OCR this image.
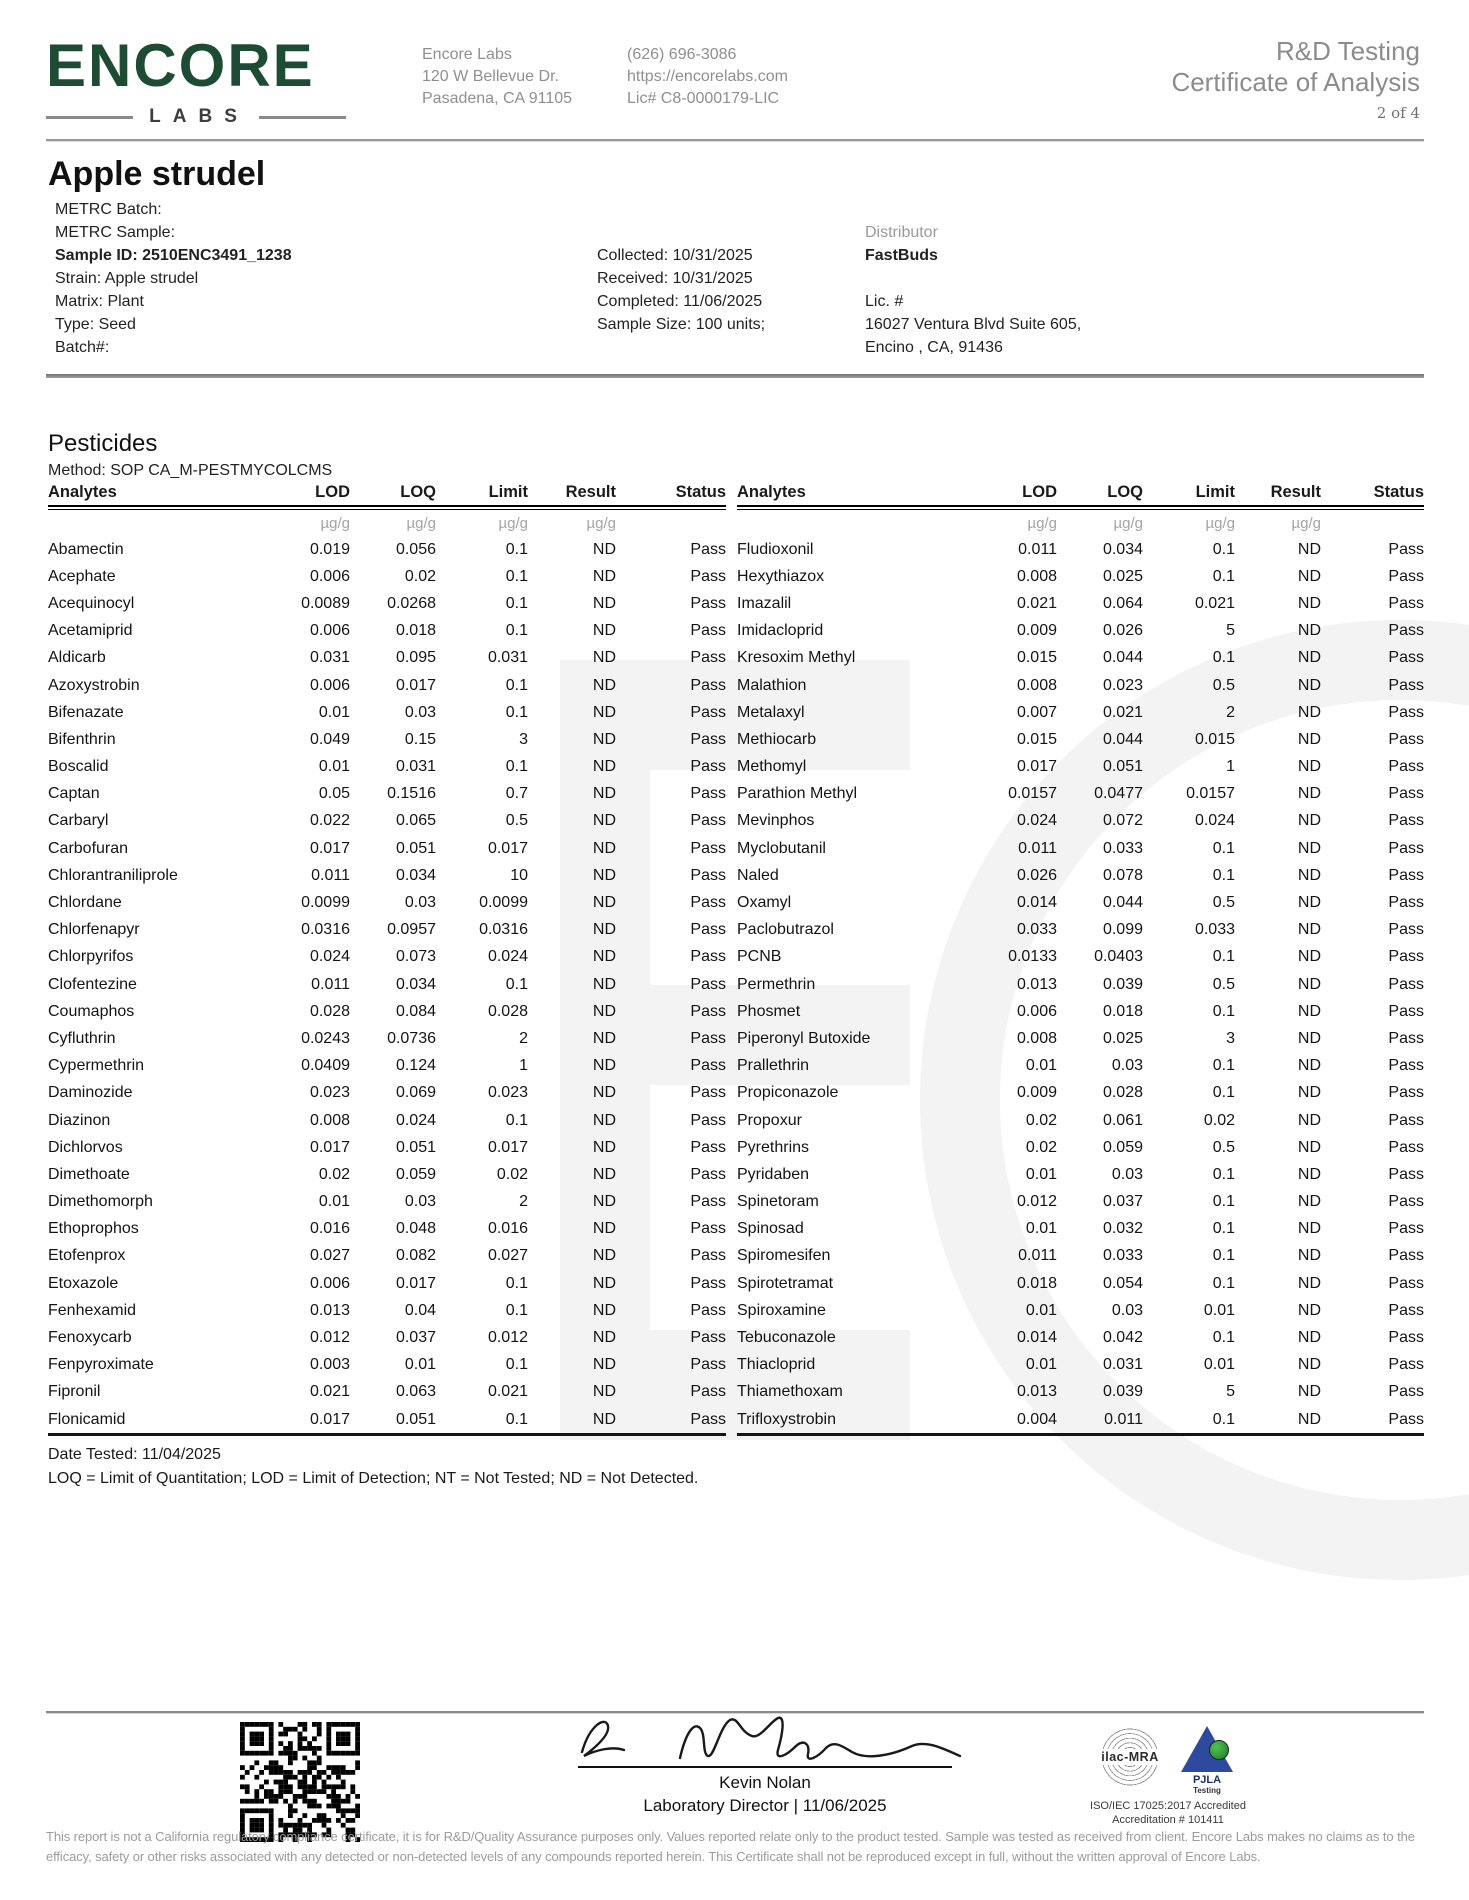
ENCORE
LABS
Encore Labs
120 W Bellevue Dr.
Pasadena, CA 91105
(626) 696-3086
https://encorelabs.com
Lic# C8-0000179-LIC
R&D Testing
Certificate of Analysis
2 of 4
Apple strudel
METRC Batch:
METRC Sample:
Sample ID: 2510ENC3491_1238
Strain: Apple strudel
Matrix: Plant
Type: Seed
Batch#:
Collected: 10/31/2025
Received: 10/31/2025
Completed: 11/06/2025
Sample Size: 100 units;
Distributor
FastBuds
Lic. #
16027 Ventura Blvd Suite 605,
Encino , CA, 91436
Pesticides
Method: SOP CA_M-PESTMYCOLCMS
Analytes	LOD	LOQ	Limit	Result	Status
µg/g	µg/g	µg/g	µg/g
Abamectin	0.019	0.056	0.1	ND	Pass
Acephate	0.006	0.02	0.1	ND	Pass
Acequinocyl	0.0089	0.0268	0.1	ND	Pass
Acetamiprid	0.006	0.018	0.1	ND	Pass
Aldicarb	0.031	0.095	0.031	ND	Pass
Azoxystrobin	0.006	0.017	0.1	ND	Pass
Bifenazate	0.01	0.03	0.1	ND	Pass
Bifenthrin	0.049	0.15	3	ND	Pass
Boscalid	0.01	0.031	0.1	ND	Pass
Captan	0.05	0.1516	0.7	ND	Pass
Carbaryl	0.022	0.065	0.5	ND	Pass
Carbofuran	0.017	0.051	0.017	ND	Pass
Chlorantraniliprole	0.011	0.034	10	ND	Pass
Chlordane	0.0099	0.03	0.0099	ND	Pass
Chlorfenapyr	0.0316	0.0957	0.0316	ND	Pass
Chlorpyrifos	0.024	0.073	0.024	ND	Pass
Clofentezine	0.011	0.034	0.1	ND	Pass
Coumaphos	0.028	0.084	0.028	ND	Pass
Cyfluthrin	0.0243	0.0736	2	ND	Pass
Cypermethrin	0.0409	0.124	1	ND	Pass
Daminozide	0.023	0.069	0.023	ND	Pass
Diazinon	0.008	0.024	0.1	ND	Pass
Dichlorvos	0.017	0.051	0.017	ND	Pass
Dimethoate	0.02	0.059	0.02	ND	Pass
Dimethomorph	0.01	0.03	2	ND	Pass
Ethoprophos	0.016	0.048	0.016	ND	Pass
Etofenprox	0.027	0.082	0.027	ND	Pass
Etoxazole	0.006	0.017	0.1	ND	Pass
Fenhexamid	0.013	0.04	0.1	ND	Pass
Fenoxycarb	0.012	0.037	0.012	ND	Pass
Fenpyroximate	0.003	0.01	0.1	ND	Pass
Fipronil	0.021	0.063	0.021	ND	Pass
Flonicamid	0.017	0.051	0.1	ND	Pass
Analytes	LOD	LOQ	Limit	Result	Status
µg/g	µg/g	µg/g	µg/g
Fludioxonil	0.011	0.034	0.1	ND	Pass
Hexythiazox	0.008	0.025	0.1	ND	Pass
Imazalil	0.021	0.064	0.021	ND	Pass
Imidacloprid	0.009	0.026	5	ND	Pass
Kresoxim Methyl	0.015	0.044	0.1	ND	Pass
Malathion	0.008	0.023	0.5	ND	Pass
Metalaxyl	0.007	0.021	2	ND	Pass
Methiocarb	0.015	0.044	0.015	ND	Pass
Methomyl	0.017	0.051	1	ND	Pass
Parathion Methyl	0.0157	0.0477	0.0157	ND	Pass
Mevinphos	0.024	0.072	0.024	ND	Pass
Myclobutanil	0.011	0.033	0.1	ND	Pass
Naled	0.026	0.078	0.1	ND	Pass
Oxamyl	0.014	0.044	0.5	ND	Pass
Paclobutrazol	0.033	0.099	0.033	ND	Pass
PCNB	0.0133	0.0403	0.1	ND	Pass
Permethrin	0.013	0.039	0.5	ND	Pass
Phosmet	0.006	0.018	0.1	ND	Pass
Piperonyl Butoxide	0.008	0.025	3	ND	Pass
Prallethrin	0.01	0.03	0.1	ND	Pass
Propiconazole	0.009	0.028	0.1	ND	Pass
Propoxur	0.02	0.061	0.02	ND	Pass
Pyrethrins	0.02	0.059	0.5	ND	Pass
Pyridaben	0.01	0.03	0.1	ND	Pass
Spinetoram	0.012	0.037	0.1	ND	Pass
Spinosad	0.01	0.032	0.1	ND	Pass
Spiromesifen	0.011	0.033	0.1	ND	Pass
Spirotetramat	0.018	0.054	0.1	ND	Pass
Spiroxamine	0.01	0.03	0.01	ND	Pass
Tebuconazole	0.014	0.042	0.1	ND	Pass
Thiacloprid	0.01	0.031	0.01	ND	Pass
Thiamethoxam	0.013	0.039	5	ND	Pass
Trifloxystrobin	0.004	0.011	0.1	ND	Pass
Date Tested: 11/04/2025
LOQ = Limit of Quantitation; LOD = Limit of Detection; NT = Not Tested; ND = Not Detected.
Kevin Nolan
Laboratory Director | 11/06/2025
ilac-MRA
PJLA
Testing
ISO/IEC 17025:2017 Accredited
Accreditation # 101411
This report is not a California regulatory compliance certificate, it is for R&D/Quality Assurance purposes only. Values reported relate only to the product tested. Sample was tested as received from client. Encore Labs makes no claims as to the efficacy, safety or other risks associated with any detected or non-detected levels of any compounds reported herein. This Certificate shall not be reproduced except in full, without the written approval of Encore Labs.
